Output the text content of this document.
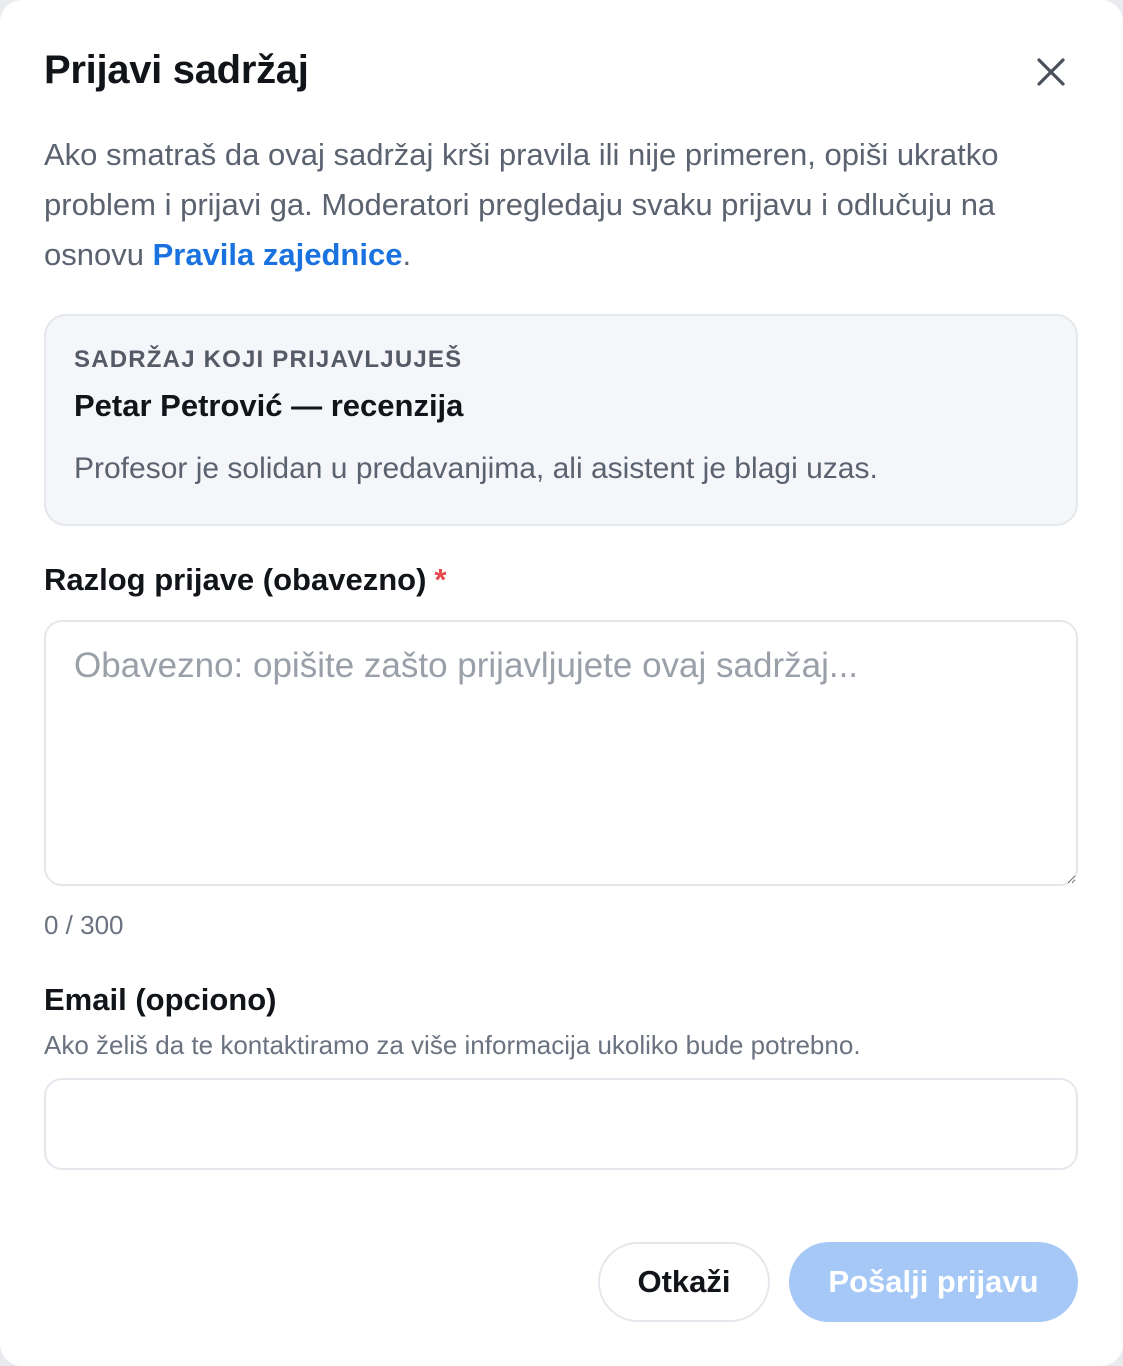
Prijavi sadržaj

Ako smatraš da ovaj sadržaj krši pravila ili nije primeren, opiši ukratko problem i prijavi ga. Moderatori pregledaju svaku prijavu i odlučuju na osnovu Pravila zajednice.

SADRŽAJ KOJI PRIJAVLJUJEŠ
Petar Petrović — recenzija
Profesor je solidan u predavanjima, ali asistent je blagi uzas.
Razlog prijave (obavezno) *
Obavezno: opišite zašto prijavljujete ovaj sadržaj...
0 / 300
Email (opciono)
Ako želiš da te kontaktiramo za više informacija ukoliko bude potrebno.
Otkaži	Pošalji prijavu
